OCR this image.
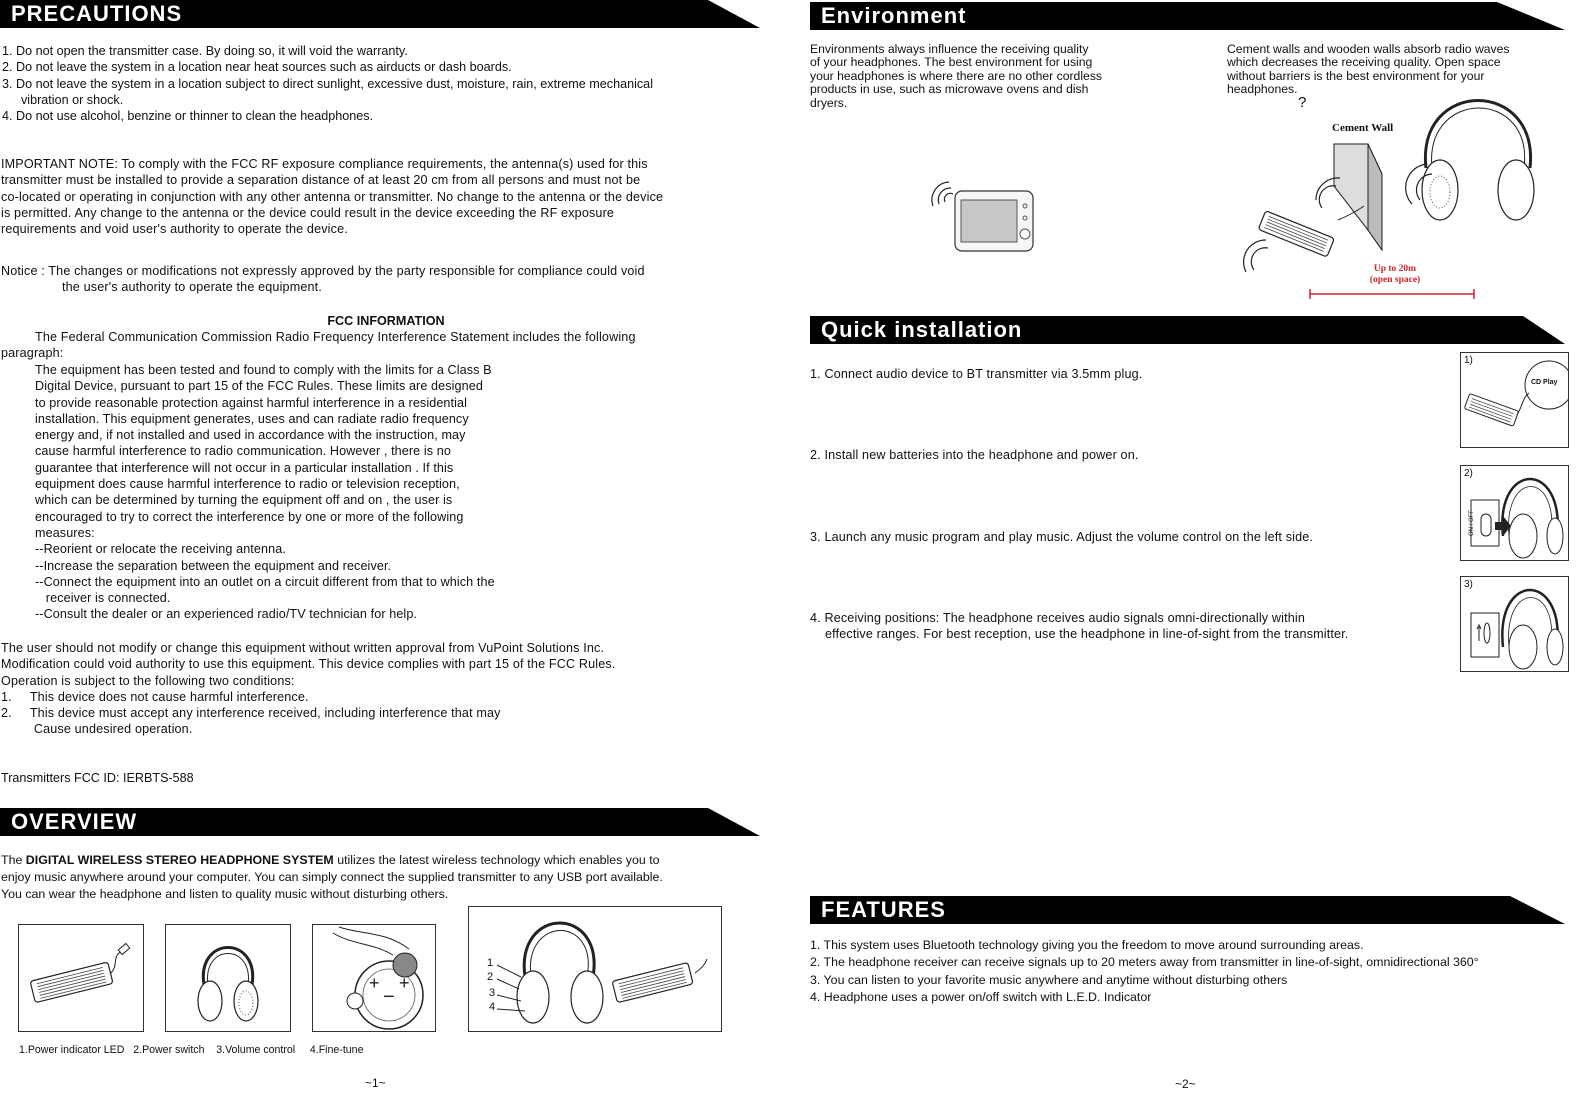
PRECAUTIONS
1. Do not open the transmitter case. By doing so, it will void the warranty.
2. Do not leave the system in a location near heat sources such as airducts or dash boards.
3. Do not leave the system in a location subject to direct sunlight, excessive dust, moisture, rain, extreme mechanical
vibration or shock.
4. Do not use alcohol, benzine or thinner to clean the headphones.
IMPORTANT NOTE: To comply with the FCC RF exposure compliance requirements, the antenna(s) used for this
transmitter must be installed to provide a separation distance of at least 20 cm from all persons and must not be
co-located or operating in conjunction with any other antenna or transmitter. No change to the antenna or the device
is permitted. Any change to the antenna or the device could result in the device exceeding the RF exposure
requirements and void user's authority to operate the device.
Notice : The changes or modifications not expressly approved by the party responsible for compliance could void
the user's authority to operate the equipment.
FCC INFORMATION
The Federal Communication Commission Radio Frequency Interference Statement includes the following
paragraph:
The equipment has been tested and found to comply with the limits for a Class B
Digital Device, pursuant to part 15 of the FCC Rules. These limits are designed
to provide reasonable protection against harmful interference in a residential
installation. This equipment generates, uses and can radiate radio frequency
energy and, if not installed and used in accordance with the instruction, may
cause harmful interference to radio communication. However , there is no
guarantee that interference will not occur in a particular installation . If this
equipment does cause harmful interference to radio or television reception,
which can be determined by turning the equipment off and on , the user is
encouraged to try to correct the interference by one or more of the following
measures:
--Reorient or relocate the receiving antenna.
--Increase the separation between the equipment and receiver.
--Connect the equipment into an outlet on a circuit different from that to which the
receiver is connected.
--Consult the dealer or an experienced radio/TV technician for help.
The user should not modify or change this equipment without written approval from VuPoint Solutions Inc.
Modification could void authority to use this equipment. This device complies with part 15 of the FCC Rules.
Operation is subject to the following two conditions:
1.     This device does not cause harmful interference.
2.     This device must accept any interference received, including interference that may
Cause undesired operation.
Transmitters FCC ID: IERBTS-588
OVERVIEW
The DIGITAL WIRELESS STEREO HEADPHONE SYSTEM utilizes the latest wireless technology which enables you to
enjoy music anywhere around your computer. You can simply connect the supplied transmitter to any USB port available.
You can wear the headphone and listen to quality music without disturbing others.
+
−
+
1
2
3
4
1.Power indicator LED   2.Power switch    3.Volume control     4.Fine-tune
~1~
Environment
Environments always influence the receiving quality
of your headphones. The best environment for using
your headphones is where there are no other cordless
products in use, such as microwave ovens and dish
dryers.
Cement walls and wooden walls absorb radio waves
which decreases the receiving quality. Open space
without barriers is the best environment for your
headphones.
?
Cement Wall
Up to 20m
(open space)
Quick installation
1. Connect audio device to BT transmitter via 3.5mm plug.
2. Install new batteries into the headphone and power on.
3. Launch any music program and play music. Adjust the volume control on the left side.
4. Receiving positions: The headphone receives audio signals omni-directionally within
effective ranges. For best reception, use the headphone in line-of-sight from the transmitter.
1)
CD Play
2)
ON / OFF
3)
FEATURES
1. This system uses Bluetooth technology giving you the freedom to move around surrounding areas.
2. The headphone receiver can receive signals up to 20 meters away from transmitter in line-of-sight, omnidirectional 360°
3. You can listen to your favorite music anywhere and anytime without disturbing others
4. Headphone uses a power on/off switch with L.E.D. Indicator
~2~
